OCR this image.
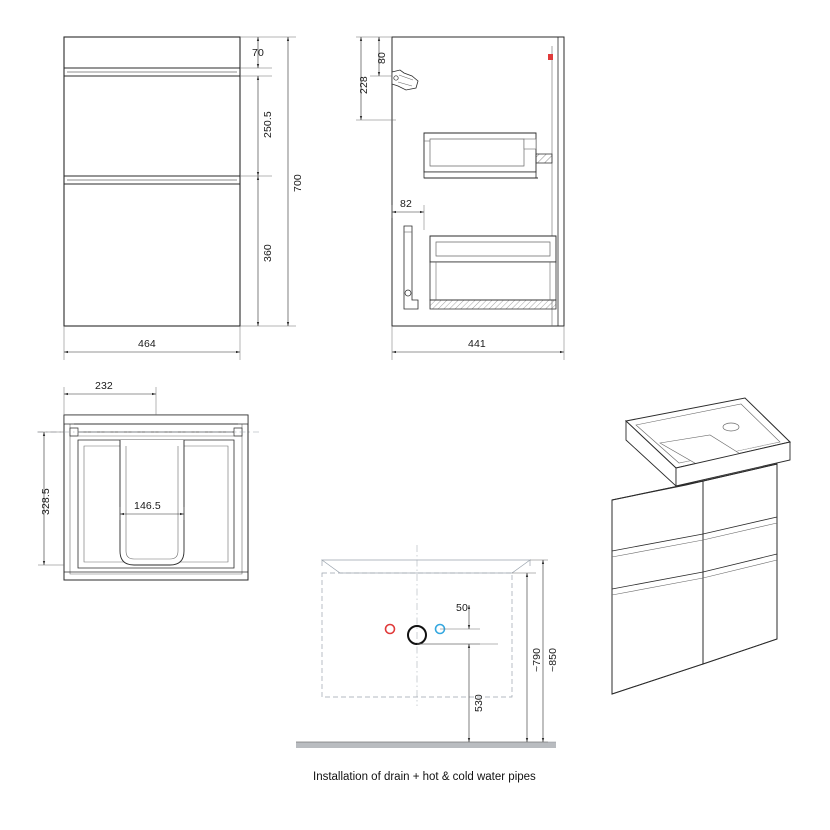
70
250.5
360
700
464
80
228
82
441
232
146.5
328.5
50
530
~790 ~850
Installation of drain + hot & cold water pipes
